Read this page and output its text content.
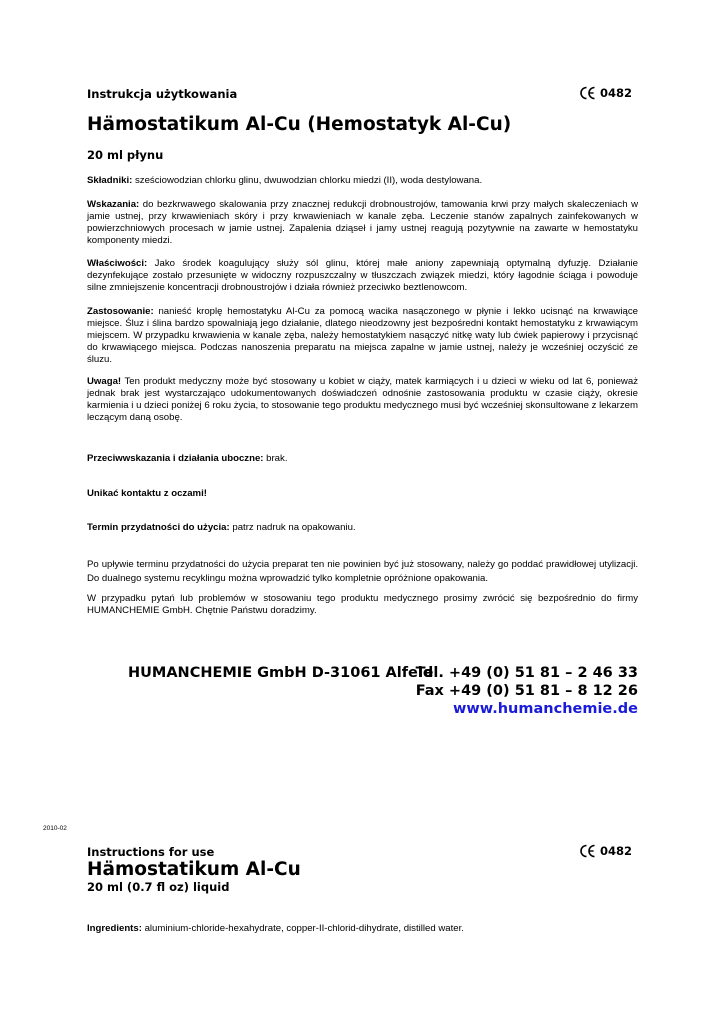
Instrukcja użytkowania	0482
Hämostatikum Al-Cu (Hemostatyk Al-Cu)
20 ml płynu
Składniki: sześciowodzian chlorku glinu, dwuwodzian chlorku miedzi (II), woda destylowana.
Wskazania: do bezkrwawego skalowania przy znacznej redukcji drobnoustrojów, tamowania krwi przy małych skaleczeniach w jamie ustnej, przy krwawieniach skóry i przy krwawieniach w kanale zęba. Leczenie stanów zapalnych zainfekowanych w powierzchniowych procesach w jamie ustnej. Zapalenia dziąseł i jamy ustnej reagują pozytywnie na zawarte w hemostatyku komponenty miedzi.
Właściwości: Jako środek koagulujący służy sól glinu, której małe aniony zapewniają optymalną dyfuzję. Działanie dezynfekujące zostało przesunięte w widoczny rozpuszczalny w tłuszczach związek miedzi, który łagodnie ściąga i powoduje silne zmniejszenie koncentracji drobnoustrojów i działa również przeciwko beztlenowcom.
Zastosowanie: nanieść kroplę hemostatyku Al-Cu za pomocą wacika nasączonego w płynie i lekko ucisnąć na krwawiące miejsce. Śluz i ślina bardzo spowalniają jego działanie, dlatego nieodzowny jest bezpośredni kontakt hemostatyku z krwawiącym miejscem. W przypadku krwawienia w kanale zęba, należy hemostatykiem nasączyć nitkę waty lub ćwiek papierowy i przycisnąć do krwawiącego miejsca. Podczas nanoszenia preparatu na miejsca zapalne w jamie ustnej, należy je wcześniej oczyścić ze śluzu.
Uwaga! Ten produkt medyczny może być stosowany u kobiet w ciąży, matek karmiących i u dzieci w wieku od lat 6, ponieważ jednak brak jest wystarczająco udokumentowanych doświadczeń odnośnie zastosowania produktu w czasie ciąży, okresie karmienia i u dzieci poniżej 6 roku życia, to stosowanie tego produktu medycznego musi być wcześniej skonsultowane z lekarzem leczącym daną osobę.
Przeciwwskazania i działania uboczne: brak.
Unikać kontaktu z oczami!
Termin przydatności do użycia: patrz nadruk na opakowaniu.
Po upływie terminu przydatności do użycia preparat ten nie powinien być już stosowany, należy go poddać prawidłowej utylizacji. Do dualnego systemu recyklingu można wprowadzić tylko kompletnie opróżnione opakowania.
W przypadku pytań lub problemów w stosowaniu tego produktu medycznego prosimy zwrócić się bezpośrednio do firmy HUMANCHEMIE GmbH. Chętnie Państwu doradzimy.
HUMANCHEMIE GmbH D-31061 Alfeld
Tel. +49 (0) 51 81 – 2 46 33
Fax +49 (0) 51 81 – 8 12 26
www.humanchemie.de
2010-02
Instructions for use	0482
Hämostatikum Al-Cu
20 ml (0.7 fl oz) liquid
Ingredients: aluminium-chloride-hexahydrate, copper-II-chlorid-dihydrate, distilled water.
